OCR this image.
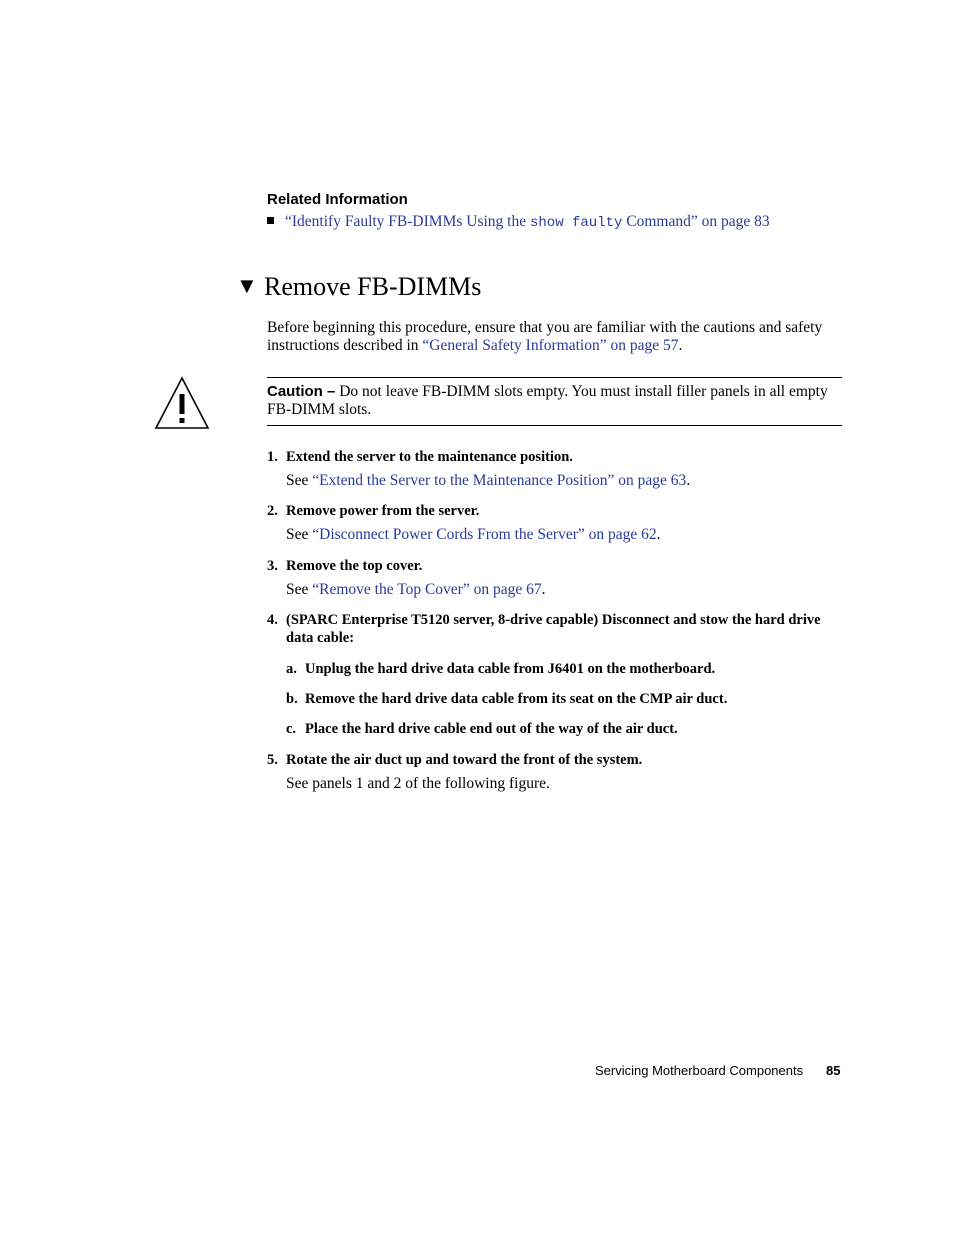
Related Information
“Identify Faulty FB-DIMMs Using the show faulty Command” on page 83
▼ Remove FB-DIMMs
Before beginning this procedure, ensure that you are familiar with the cautions and safety instructions described in “General Safety Information” on page 57.
Caution – Do not leave FB-DIMM slots empty. You must install filler panels in all empty FB-DIMM slots.
1. Extend the server to the maintenance position.
See “Extend the Server to the Maintenance Position” on page 63.
2. Remove power from the server.
See “Disconnect Power Cords From the Server” on page 62.
3. Remove the top cover.
See “Remove the Top Cover” on page 67.
4. (SPARC Enterprise T5120 server, 8-drive capable) Disconnect and stow the hard drive data cable:
a. Unplug the hard drive data cable from J6401 on the motherboard.
b. Remove the hard drive data cable from its seat on the CMP air duct.
c. Place the hard drive cable end out of the way of the air duct.
5. Rotate the air duct up and toward the front of the system.
See panels 1 and 2 of the following figure.
Servicing Motherboard Components 85
